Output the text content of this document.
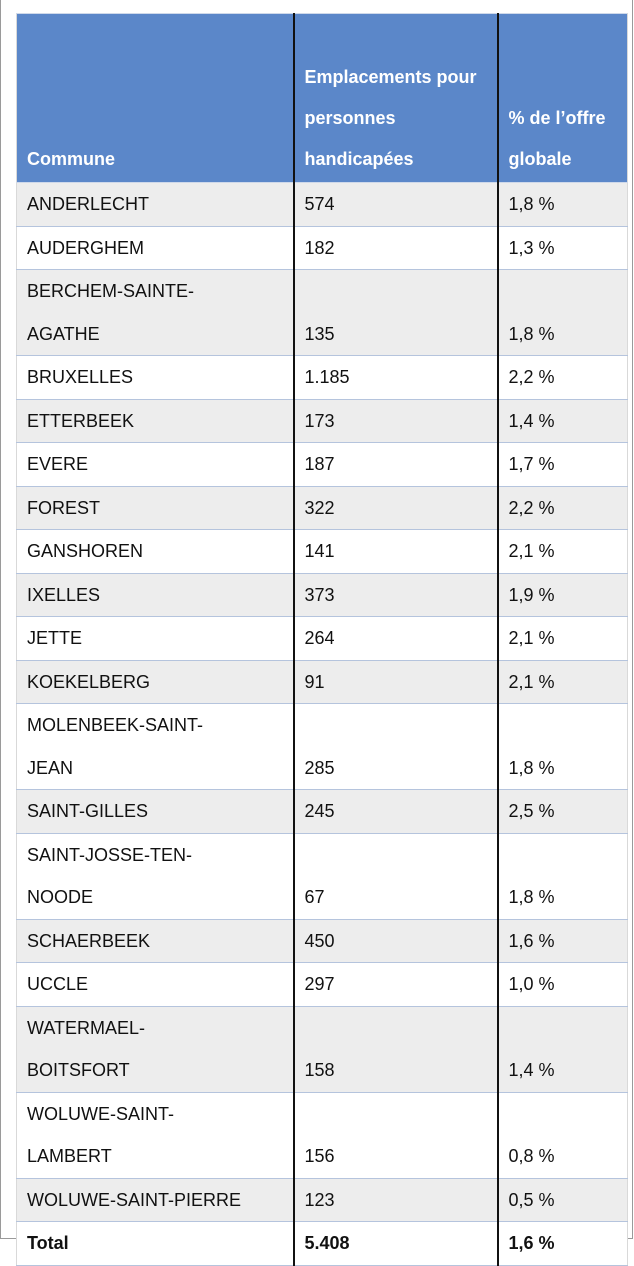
Commune	Emplacements pour personnes handicapées	% de l’offre globale
ANDERLECHT	574	1,8 %
AUDERGHEM	182	1,3 %
BERCHEM-SAINTE-AGATHE	135	1,8 %
BRUXELLES	1.185	2,2 %
ETTERBEEK	173	1,4 %
EVERE	187	1,7 %
FOREST	322	2,2 %
GANSHOREN	141	2,1 %
IXELLES	373	1,9 %
JETTE	264	2,1 %
KOEKELBERG	91	2,1 %
MOLENBEEK-SAINT-JEAN	285	1,8 %
SAINT-GILLES	245	2,5 %
SAINT-JOSSE-TEN-NOODE	67	1,8 %
SCHAERBEEK	450	1,6 %
UCCLE	297	1,0 %
WATERMAEL-BOITSFORT	158	1,4 %
WOLUWE-SAINT-LAMBERT	156	0,8 %
WOLUWE-SAINT-PIERRE	123	0,5 %
Total	5.408	1,6 %
